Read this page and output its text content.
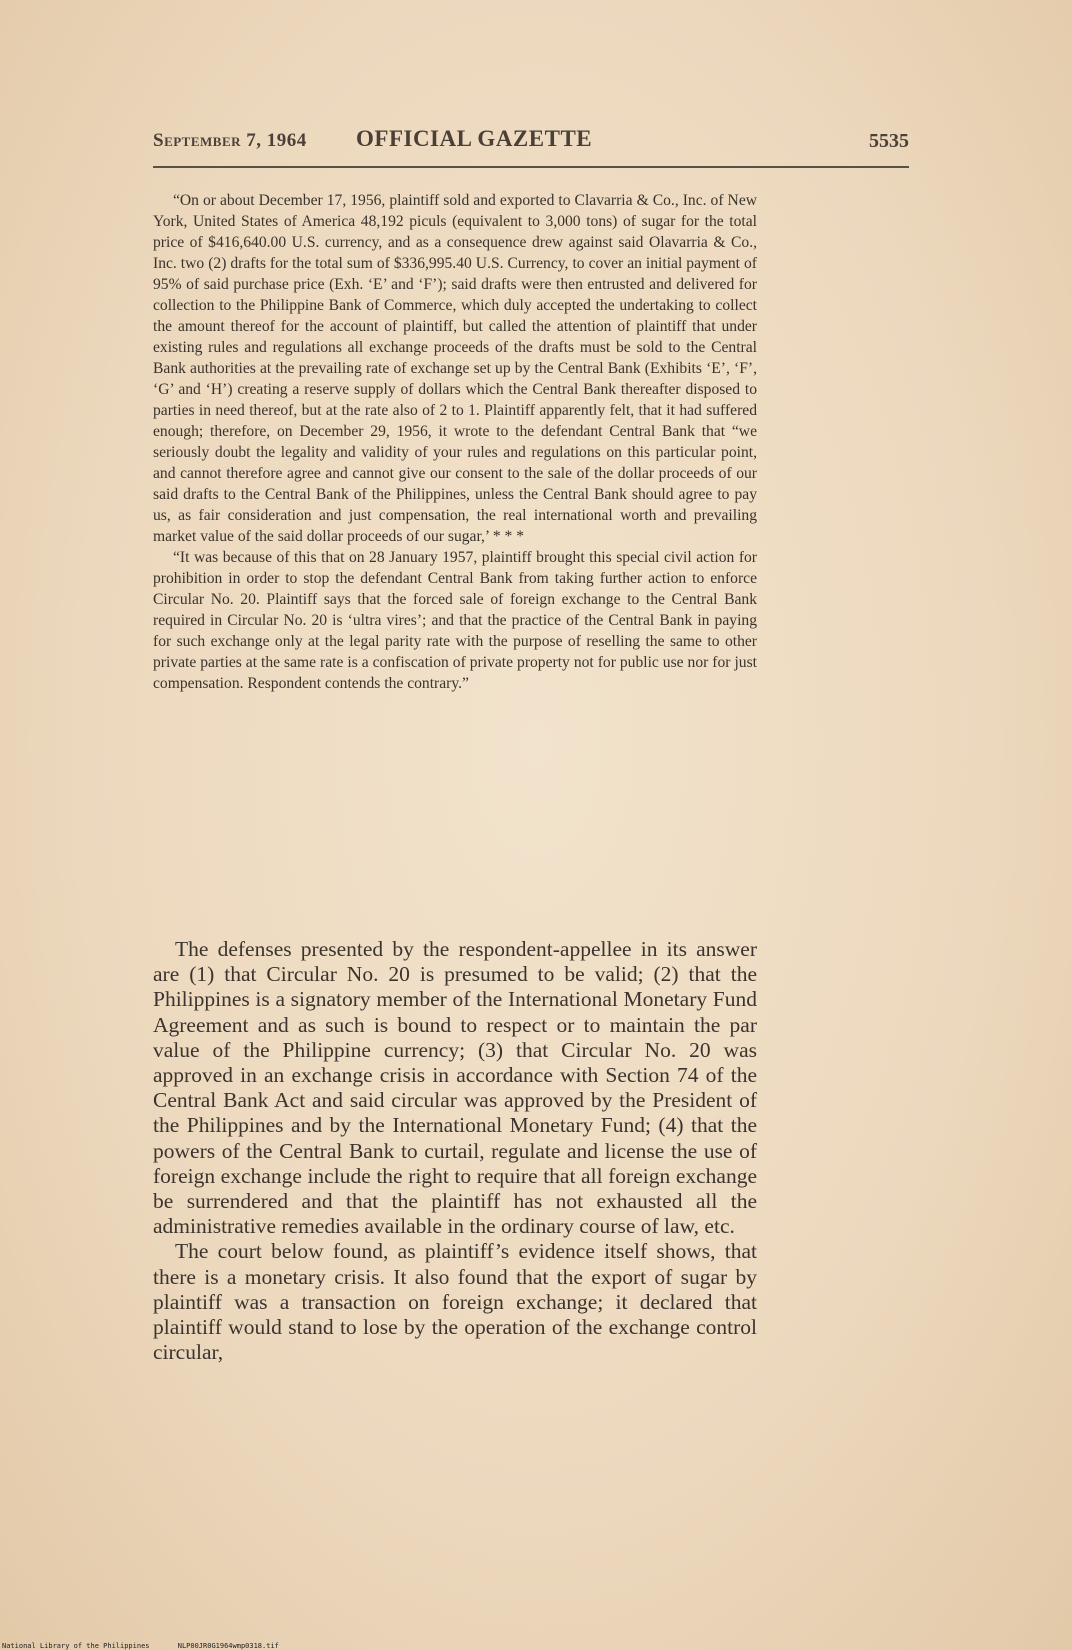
September 7, 1964 OFFICIAL GAZETTE	5535

“On or about December 17, 1956, plaintiff sold and exported to Clavarria & Co., Inc. of New York, United States of America 48,192 piculs (equivalent to 3,000 tons) of sugar for the total price of $416,640.00 U.S. currency, and as a consequence drew against said Olavarria & Co., Inc. two (2) drafts for the total sum of $336,995.40 U.S. Currency, to cover an initial payment of 95% of said purchase price (Exh. ‘E’ and ‘F’); said drafts were then entrusted and delivered for collection to the Philippine Bank of Commerce, which duly accepted the undertaking to collect the amount thereof for the account of plaintiff, but called the attention of plaintiff that under existing rules and regulations all exchange proceeds of the drafts must be sold to the Central Bank authorities at the prevailing rate of exchange set up by the Central Bank (Exhibits ‘E’, ‘F’, ‘G’ and ‘H’) creating a reserve supply of dollars which the Central Bank thereafter disposed to parties in need thereof, but at the rate also of 2 to 1. Plaintiff apparently felt, that it had suffered enough; therefore, on December 29, 1956, it wrote to the defendant Central Bank that “we seriously doubt the legality and validity of your rules and regulations on this particular point, and cannot therefore agree and cannot give our consent to the sale of the dollar proceeds of our said drafts to the Central Bank of the Philippines, unless the Central Bank should agree to pay us, as fair consideration and just compensation, the real international worth and prevailing market value of the said dollar proceeds of our sugar,’ * * *

“It was because of this that on 28 January 1957, plaintiff brought this special civil action for prohibition in order to stop the defendant Central Bank from taking further action to enforce Circular No. 20. Plaintiff says that the forced sale of foreign exchange to the Central Bank required in Circular No. 20 is ‘ultra vires’; and that the practice of the Central Bank in paying for such exchange only at the legal parity rate with the purpose of reselling the same to other private parties at the same rate is a confiscation of private property not for public use nor for just compensation. Respondent contends the contrary.”

The defenses presented by the respondent-appellee in its answer are (1) that Circular No. 20 is presumed to be valid; (2) that the Philippines is a signatory member of the International Monetary Fund Agreement and as such is bound to respect or to maintain the par value of the Philippine currency; (3) that Circular No. 20 was approved in an exchange crisis in accordance with Section 74 of the Central Bank Act and said circular was approved by the President of the Philippines and by the International Monetary Fund; (4) that the powers of the Central Bank to curtail, regulate and license the use of foreign exchange include the right to require that all foreign exchange be surrendered and that the plaintiff has not exhausted all the administrative remedies available in the ordinary course of law, etc.

The court below found, as plaintiff’s evidence itself shows, that there is a monetary crisis. It also found that the export of sugar by plaintiff was a transaction on foreign exchange; it declared that plaintiff would stand to lose by the operation of the exchange control circular,

National Library of the Philippines	NLP00JR0G1964wmp0318.tif
